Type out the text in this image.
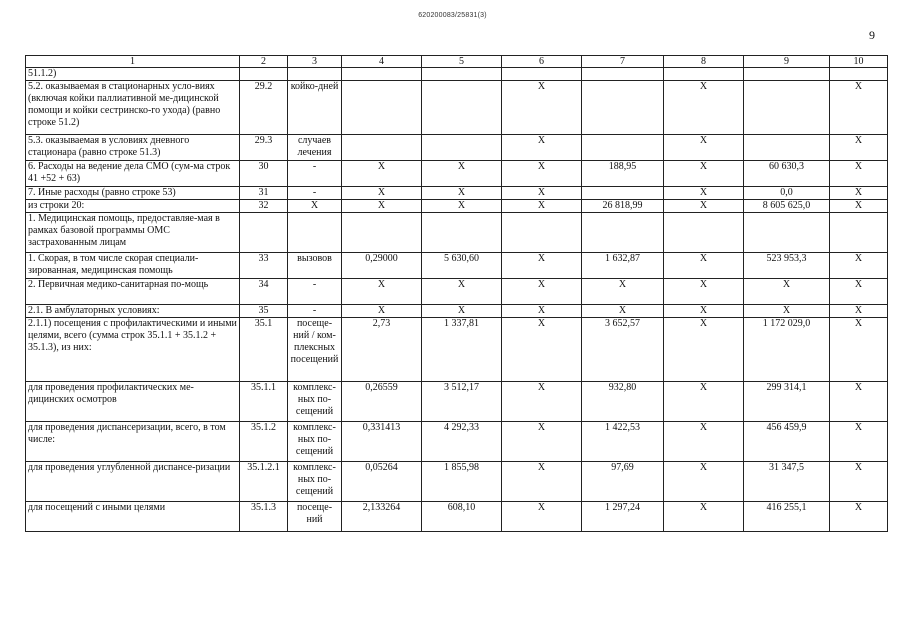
620200083/25831(3)
9
1	2	3	4	5	6	7	8	9	10
51.1.2)									
5.2. оказываемая в стационарных усло-виях (включая койки паллиативной ме-дицинской помощи и койки сестринско-го ухода) (равно строке 51.2)	29.2	койко-дней			X		X		X
5.3. оказываемая в условиях дневного стационара (равно строке 51.3)	29.3	случаев лечения			X		X		X
6. Расходы на ведение дела СМО (сум-ма строк 41 +52 + 63)	30	-	X	X	X	188,95	X	60 630,3	X
7. Иные расходы (равно строке 53)	31	-	X	X	X		X	0,0	X
из строки 20:	32	X	X	X	X	26 818,99	X	8 605 625,0	X
1. Медицинская помощь, предоставляе-мая в рамках базовой программы ОМС застрахованным лицам									
1. Скорая, в том числе скорая специали-зированная, медицинская помощь	33	вызовов	0,29000	5 630,60	X	1 632,87	X	523 953,3	X
2. Первичная медико-санитарная по-мощь	34	-	X	X	X	X	X	X	X
2.1. В амбулаторных условиях:	35	-	X	X	X	X	X	X	X
2.1.1) посещения с профилактическими и иными целями, всего (сумма строк 35.1.1 + 35.1.2 + 35.1.3), из них:	35.1	посеще-ний / ком-плексных посещений	2,73	1 337,81	X	3 652,57	X	1 172 029,0	X
для проведения профилактических ме-дицинских осмотров	35.1.1	комплекс-ных по-сещений	0,26559	3 512,17	X	932,80	X	299 314,1	X
для проведения диспансеризации, всего, в том числе:	35.1.2	комплекс-ных по-сещений	0,331413	4 292,33	X	1 422,53	X	456 459,9	X
для проведения углубленной диспансе-ризации	35.1.2.1	комплекс-ных по-сещений	0,05264	1 855,98	X	97,69	X	31 347,5	X
для посещений с иными целями	35.1.3	посеще-ний	2,133264	608,10	X	1 297,24	X	416 255,1	X
